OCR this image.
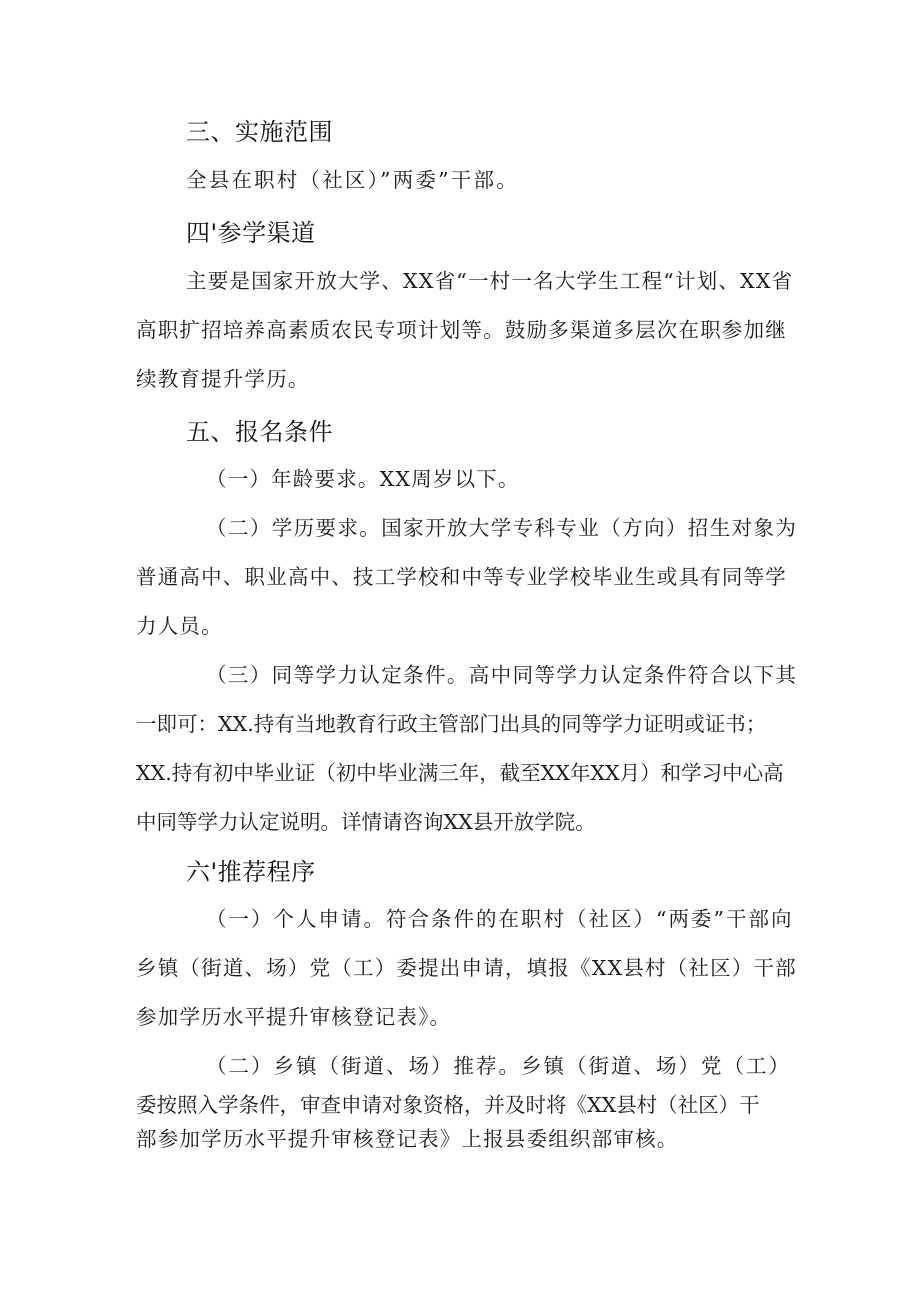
三、实施范围

全县在职村（社区）”两委”干部。

四'参学渠道

主要是国家开放大学、XX省“一村一名大学生工程“计划、XX省

高职扩招培养高素质农民专项计划等。鼓励多渠道多层次在职参加继

续教育提升学历。

五、报名条件

（一）年龄要求。XX周岁以下。

（二）学历要求。国家开放大学专科专业（方向）招生对象为

普通高中、职业高中、技工学校和中等专业学校毕业生或具有同等学

力人员。

（三）同等学力认定条件。高中同等学力认定条件符合以下其

一即可：XX.持有当地教育行政主管部门出具的同等学力证明或证书；

XX.持有初中毕业证（初中毕业满三年，截至XX年XX月）和学习中心高

中同等学力认定说明。详情请咨询XX县开放学院。

六'推荐程序

（一）个人申请。符合条件的在职村（社区）“两委”干部向

乡镇（街道、场）党（工）委提出申请，填报《XX县村（社区）干部

参加学历水平提升审核登记表》。

（二）乡镇（街道、场）推荐。乡镇（街道、场）党（工）

委按照入学条件，审查申请对象资格，并及时将《XX县村（社区）干

部参加学历水平提升审核登记表》上报县委组织部审核。
